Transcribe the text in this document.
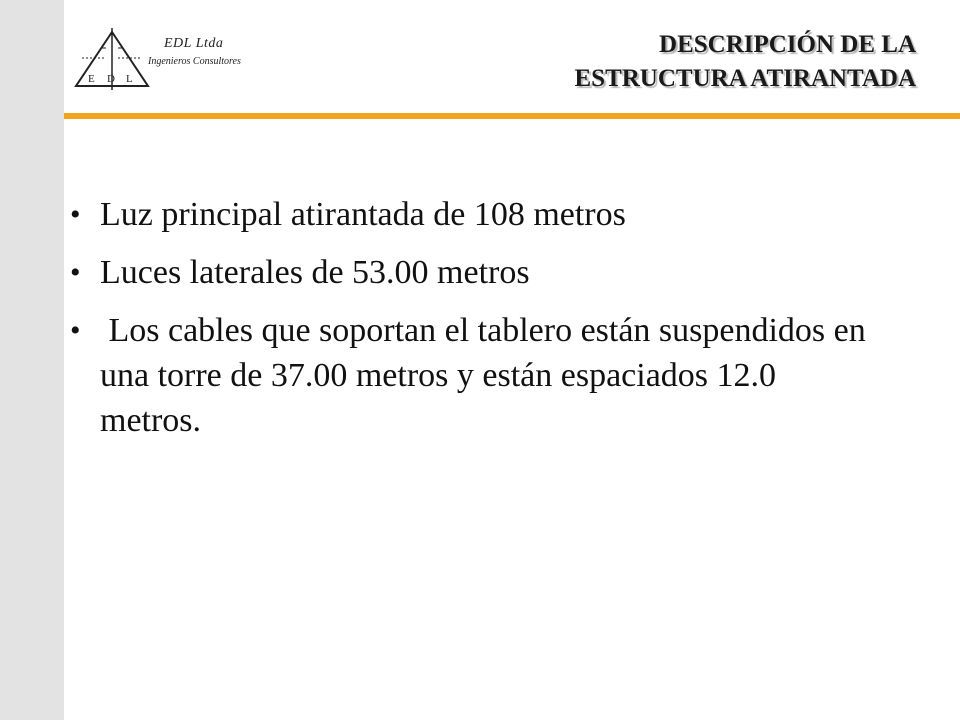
E D L
EDL Ltda
Ingenieros Consultores
DESCRIPCIÓN DE LA
ESTRUCTURA ATIRANTADA
• Luz principal atirantada de 108 metros
• Luces laterales de 53.00 metros
• Los cables que soportan el tablero están suspendidos en una torre de 37.00 metros y están espaciados 12.0 metros.
